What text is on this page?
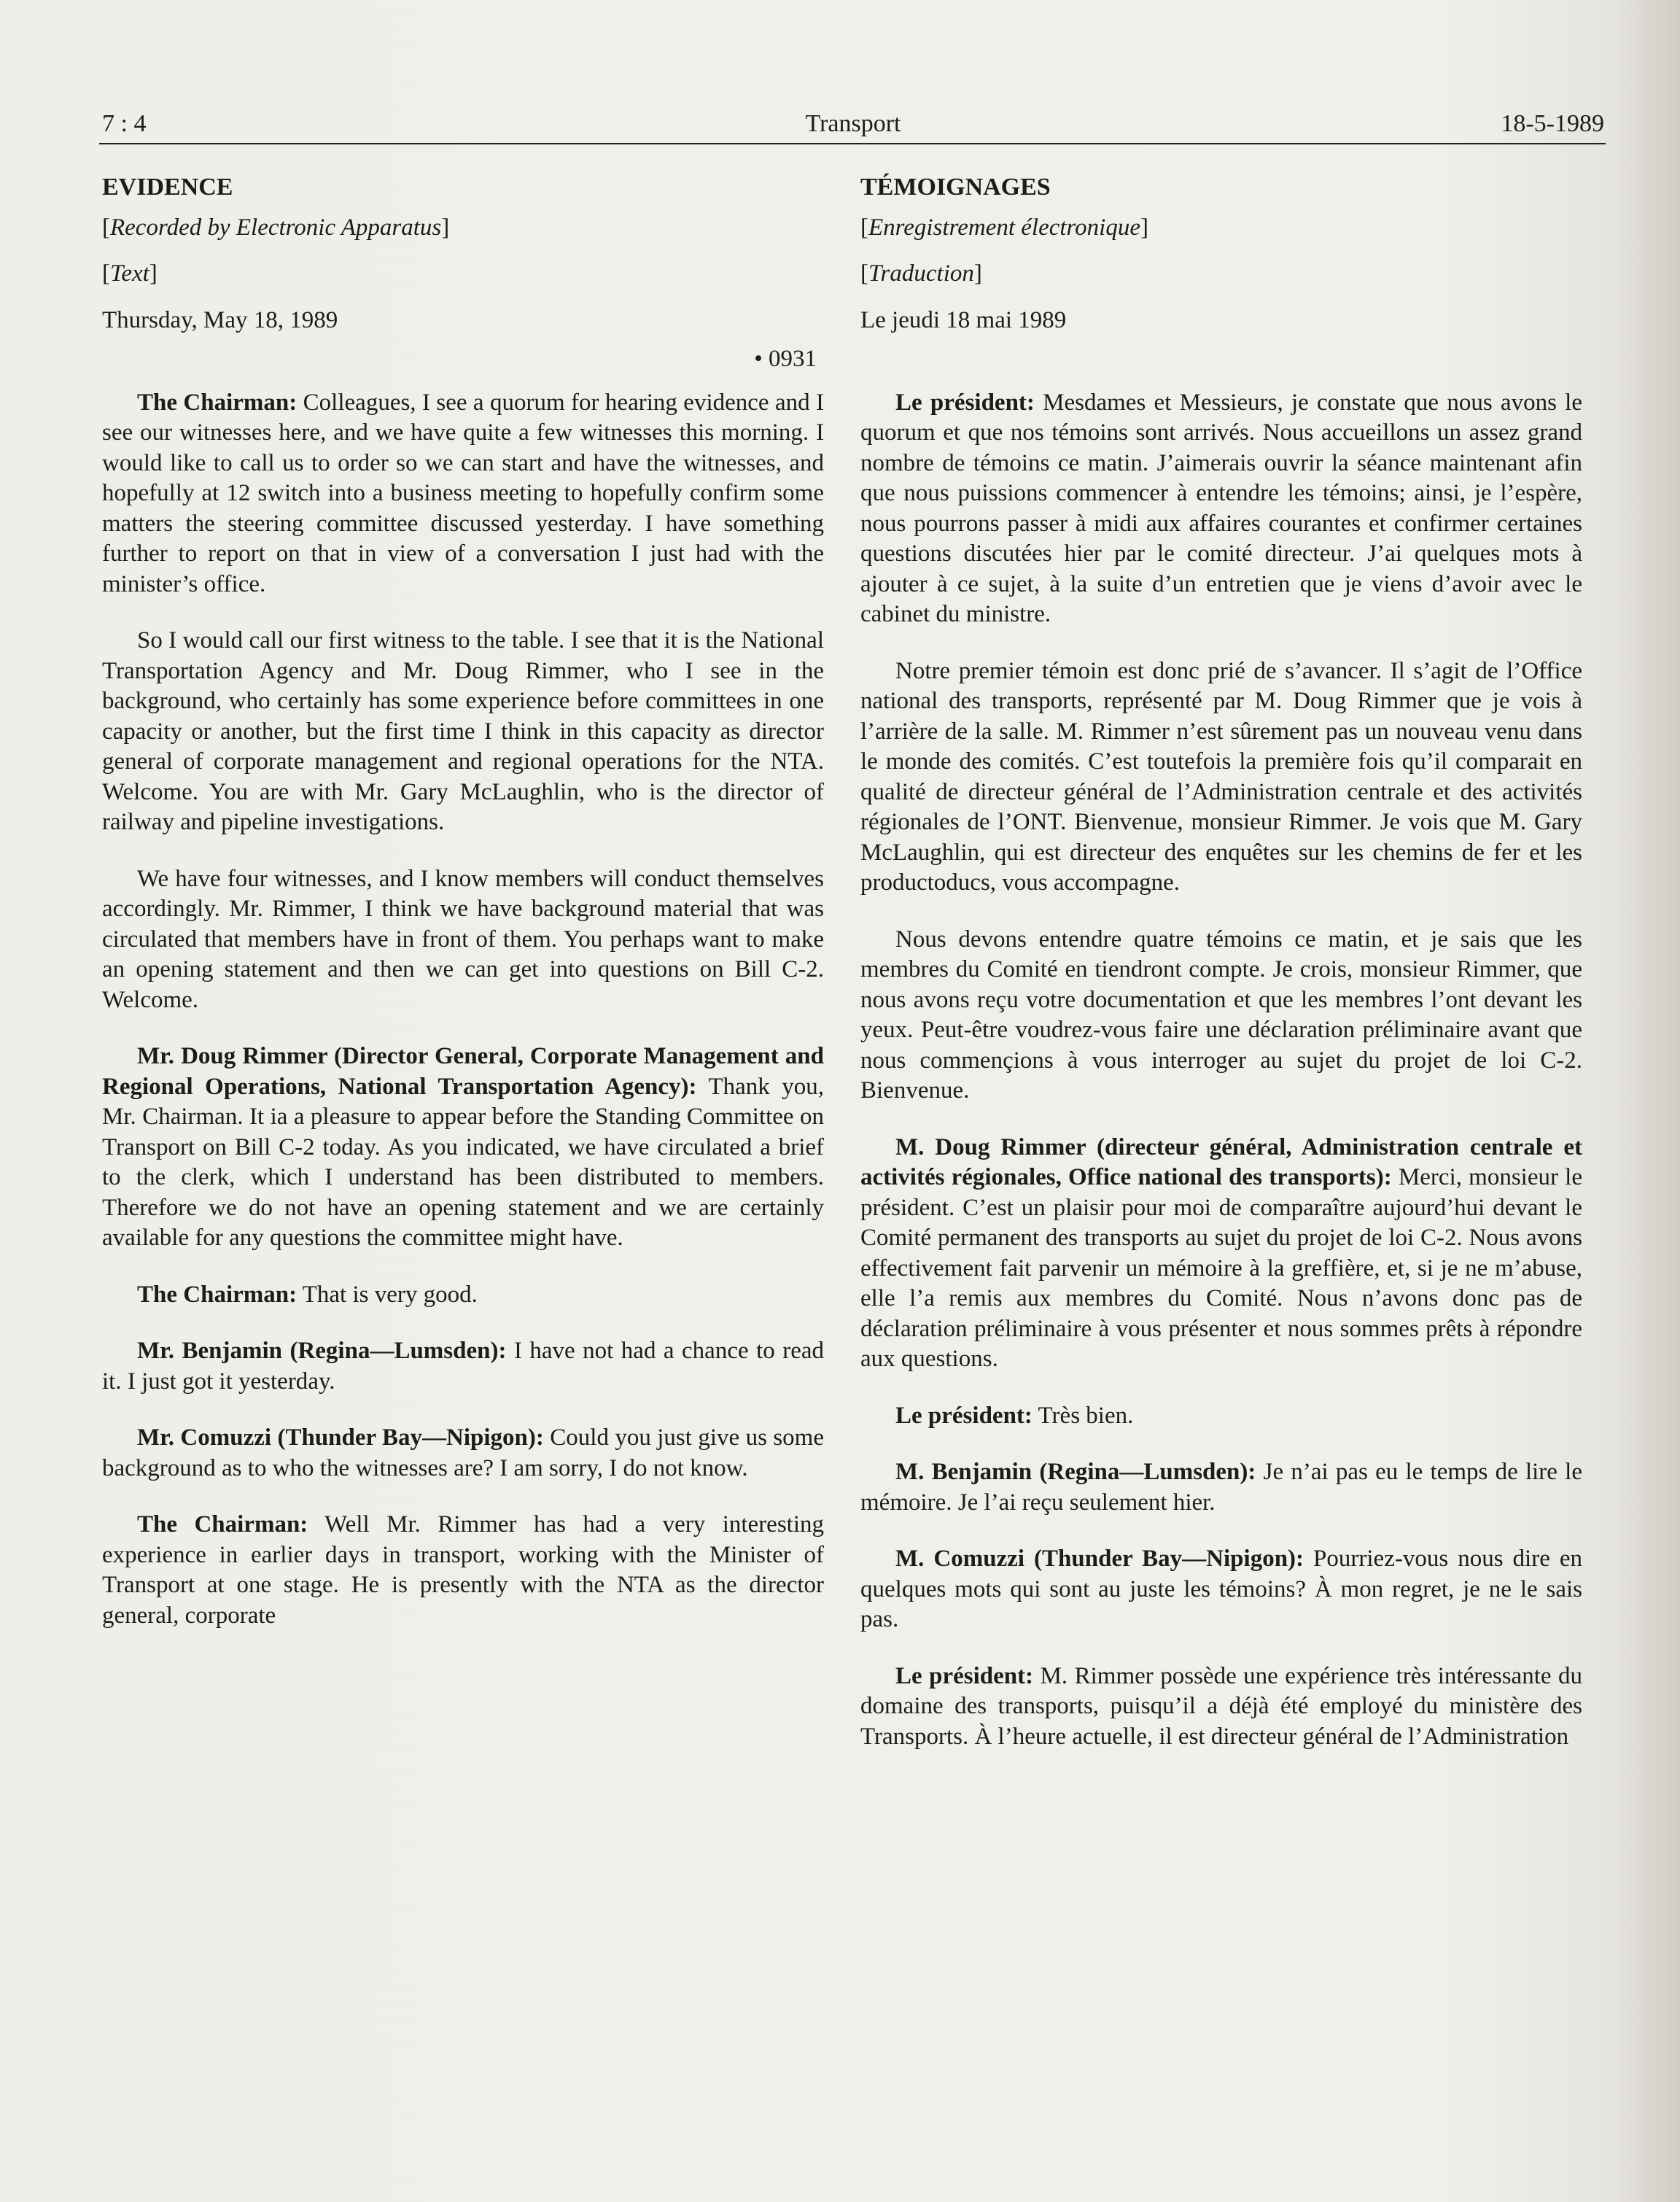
7 : 4	Transport	18-5-1989
EVIDENCE
[Recorded by Electronic Apparatus]
[Text]
Thursday, May 18, 1989
• 0931

The Chairman: Colleagues, I see a quorum for hearing evidence and I see our witnesses here, and we have quite a few witnesses this morning. I would like to call us to order so we can start and have the witnesses, and hopefully at 12 switch into a business meeting to hopefully confirm some matters the steering committee discussed yesterday. I have something further to report on that in view of a conversation I just had with the minister’s office.

So I would call our first witness to the table. I see that it is the National Transportation Agency and Mr. Doug Rimmer, who I see in the background, who certainly has some experience before committees in one capacity or another, but the first time I think in this capacity as director general of corporate management and regional operations for the NTA. Welcome. You are with Mr. Gary McLaughlin, who is the director of railway and pipeline investigations.

We have four witnesses, and I know members will conduct themselves accordingly. Mr. Rimmer, I think we have background material that was circulated that members have in front of them. You perhaps want to make an opening statement and then we can get into questions on Bill C-2. Welcome.

Mr. Doug Rimmer (Director General, Corporate Management and Regional Operations, National Transportation Agency): Thank you, Mr. Chairman. It ia a pleasure to appear before the Standing Committee on Transport on Bill C-2 today. As you indicated, we have circulated a brief to the clerk, which I understand has been distributed to members. Therefore we do not have an opening statement and we are certainly available for any questions the committee might have.

The Chairman: That is very good.

Mr. Benjamin (Regina—Lumsden): I have not had a chance to read it. I just got it yesterday.

Mr. Comuzzi (Thunder Bay—Nipigon): Could you just give us some background as to who the witnesses are? I am sorry, I do not know.

The Chairman: Well Mr. Rimmer has had a very interesting experience in earlier days in transport, working with the Minister of Transport at one stage. He is presently with the NTA as the director general, corporate

TÉMOIGNAGES
[Enregistrement électronique]
[Traduction]
Le jeudi 18 mai 1989

Le président: Mesdames et Messieurs, je constate que nous avons le quorum et que nos témoins sont arrivés. Nous accueillons un assez grand nombre de témoins ce matin. J’aimerais ouvrir la séance maintenant afin que nous puissions commencer à entendre les témoins; ainsi, je l’espère, nous pourrons passer à midi aux affaires courantes et confirmer certaines questions discutées hier par le comité directeur. J’ai quelques mots à ajouter à ce sujet, à la suite d’un entretien que je viens d’avoir avec le cabinet du ministre.

Notre premier témoin est donc prié de s’avancer. Il s’agit de l’Office national des transports, représenté par M. Doug Rimmer que je vois à l’arrière de la salle. M. Rimmer n’est sûrement pas un nouveau venu dans le monde des comités. C’est toutefois la première fois qu’il comparait en qualité de directeur général de l’Administration centrale et des activités régionales de l’ONT. Bienvenue, monsieur Rimmer. Je vois que M. Gary McLaughlin, qui est directeur des enquêtes sur les chemins de fer et les productoducs, vous accompagne.

Nous devons entendre quatre témoins ce matin, et je sais que les membres du Comité en tiendront compte. Je crois, monsieur Rimmer, que nous avons reçu votre documentation et que les membres l’ont devant les yeux. Peut-être voudrez-vous faire une déclaration préliminaire avant que nous commençions à vous interroger au sujet du projet de loi C-2. Bienvenue.

M. Doug Rimmer (directeur général, Administration centrale et activités régionales, Office national des transports): Merci, monsieur le président. C’est un plaisir pour moi de comparaître aujourd’hui devant le Comité permanent des transports au sujet du projet de loi C-2. Nous avons effectivement fait parvenir un mémoire à la greffière, et, si je ne m’abuse, elle l’a remis aux membres du Comité. Nous n’avons donc pas de déclaration préliminaire à vous présenter et nous sommes prêts à répondre aux questions.

Le président: Très bien.

M. Benjamin (Regina—Lumsden): Je n’ai pas eu le temps de lire le mémoire. Je l’ai reçu seulement hier.

M. Comuzzi (Thunder Bay—Nipigon): Pourriez-vous nous dire en quelques mots qui sont au juste les témoins? À mon regret, je ne le sais pas.

Le président: M. Rimmer possède une expérience très intéressante du domaine des transports, puisqu’il a déjà été employé du ministère des Transports. À l’heure actuelle, il est directeur général de l’Administration
